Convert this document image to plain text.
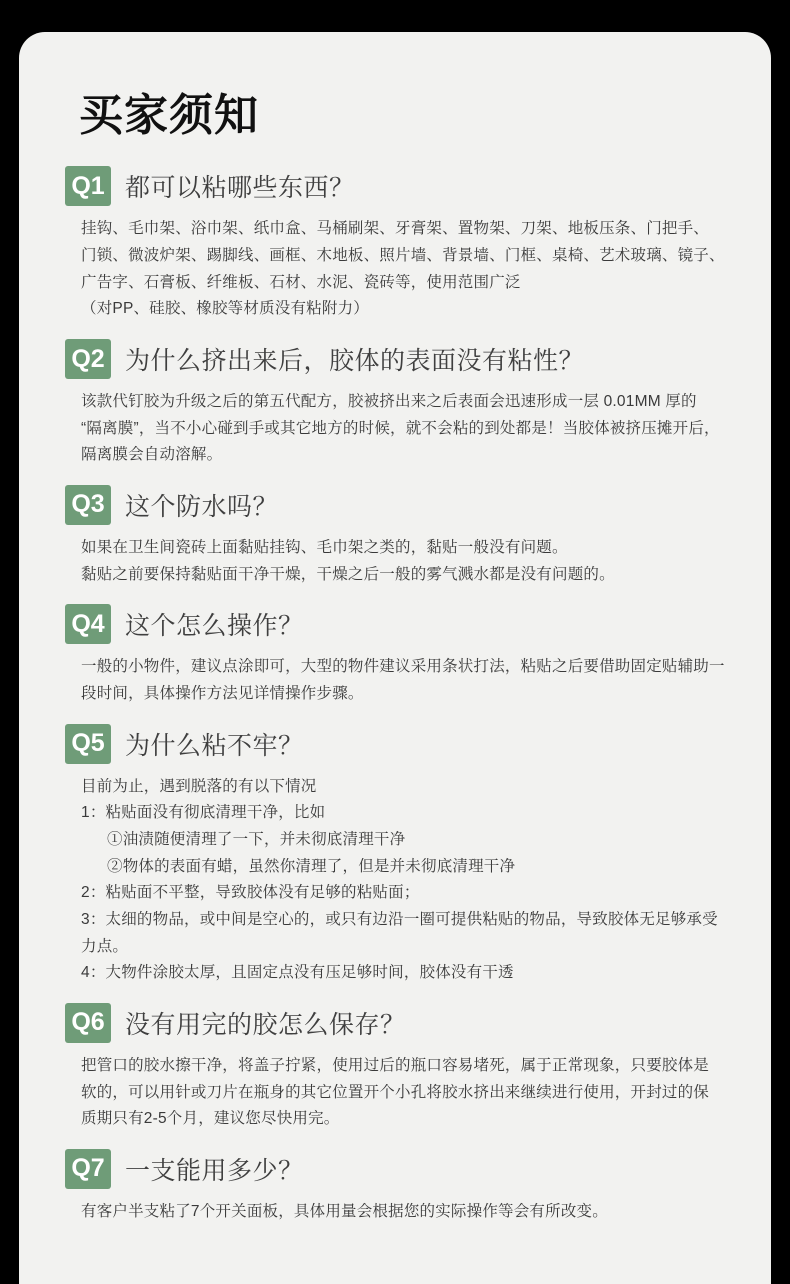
买家须知
Q1 都可以粘哪些东西？

挂钩、毛巾架、浴巾架、纸巾盒、马桶刷架、牙膏架、置物架、刀架、地板压条、门把手、

门锁、微波炉架、踢脚线、画框、木地板、照片墙、背景墙、门框、桌椅、艺术玻璃、镜子、

广告字、石膏板、纤维板、石材、水泥、瓷砖等，使用范围广泛

（对PP、硅胶、橡胶等材质没有粘附力）

Q2 为什么挤出来后，胶体的表面没有粘性？

该款代钉胶为升级之后的第五代配方，胶被挤出来之后表面会迅速形成一层 0.01MM 厚的

“隔离膜”，当不小心碰到手或其它地方的时候，就不会粘的到处都是！当胶体被挤压摊开后，

隔离膜会自动溶解。

Q3 这个防水吗？

如果在卫生间瓷砖上面黏贴挂钩、毛巾架之类的，黏贴一般没有问题。

黏贴之前要保持黏贴面干净干燥，干燥之后一般的雾气溅水都是没有问题的。

Q4 这个怎么操作？

一般的小物件，建议点涂即可，大型的物件建议采用条状打法，粘贴之后要借助固定贴辅助一

段时间，具体操作方法见详情操作步骤。

Q5 为什么粘不牢？

目前为止，遇到脱落的有以下情况

1：粘贴面没有彻底清理干净，比如

①油渍随便清理了一下，并未彻底清理干净

②物体的表面有蜡，虽然你清理了，但是并未彻底清理干净

2：粘贴面不平整，导致胶体没有足够的粘贴面；

3：太细的物品，或中间是空心的，或只有边沿一圈可提供粘贴的物品，导致胶体无足够承受力点。

4：大物件涂胶太厚，且固定点没有压足够时间，胶体没有干透

Q6 没有用完的胶怎么保存？

把管口的胶水擦干净，将盖子拧紧，使用过后的瓶口容易堵死，属于正常现象，只要胶体是

软的，可以用针或刀片在瓶身的其它位置开个小孔将胶水挤出来继续进行使用，开封过的保

质期只有2-5个月，建议您尽快用完。

Q7 一支能用多少？

有客户半支粘了7个开关面板，具体用量会根据您的实际操作等会有所改变。
